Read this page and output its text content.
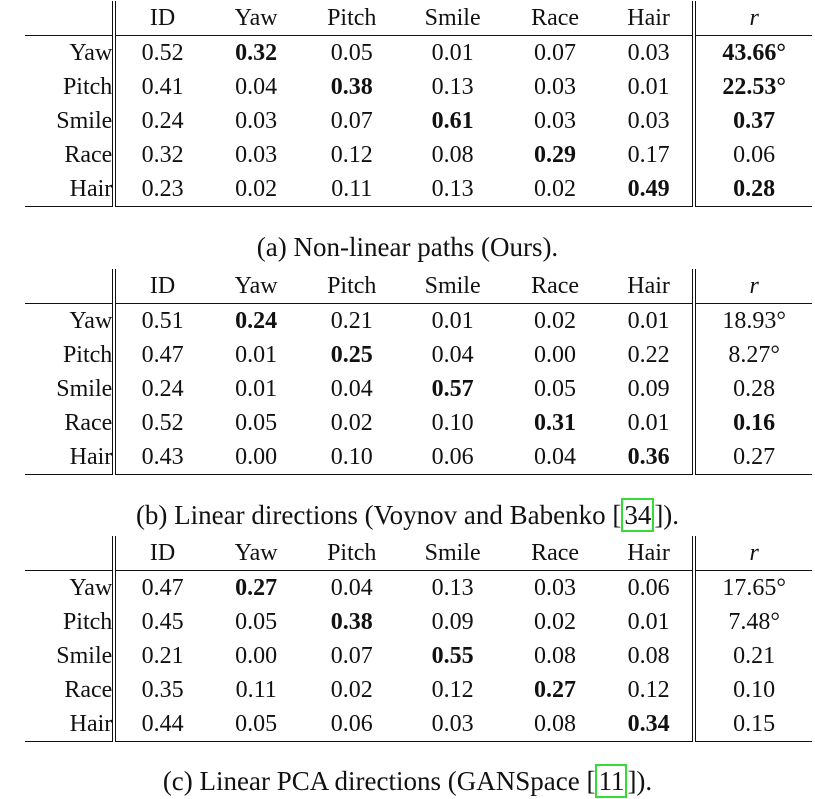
	ID	Yaw	Pitch	Smile	Race	Hair	r
Yaw	0.52	0.32	0.05	0.01	0.07	0.03	43.66°
Pitch	0.41	0.04	0.38	0.13	0.03	0.01	22.53°
Smile	0.24	0.03	0.07	0.61	0.03	0.03	0.37
Race	0.32	0.03	0.12	0.08	0.29	0.17	0.06
Hair	0.23	0.02	0.11	0.13	0.02	0.49	0.28
(a) Non-linear paths (Ours).
	ID	Yaw	Pitch	Smile	Race	Hair	r
Yaw	0.51	0.24	0.21	0.01	0.02	0.01	18.93°
Pitch	0.47	0.01	0.25	0.04	0.00	0.22	8.27°
Smile	0.24	0.01	0.04	0.57	0.05	0.09	0.28
Race	0.52	0.05	0.02	0.10	0.31	0.01	0.16
Hair	0.43	0.00	0.10	0.06	0.04	0.36	0.27
(b) Linear directions (Voynov and Babenko [ 34 ]).
	ID	Yaw	Pitch	Smile	Race	Hair	r
Yaw	0.47	0.27	0.04	0.13	0.03	0.06	17.65°
Pitch	0.45	0.05	0.38	0.09	0.02	0.01	7.48°
Smile	0.21	0.00	0.07	0.55	0.08	0.08	0.21
Race	0.35	0.11	0.02	0.12	0.27	0.12	0.10
Hair	0.44	0.05	0.06	0.03	0.08	0.34	0.15
(c) Linear PCA directions (GANSpace [ 11 ]).
